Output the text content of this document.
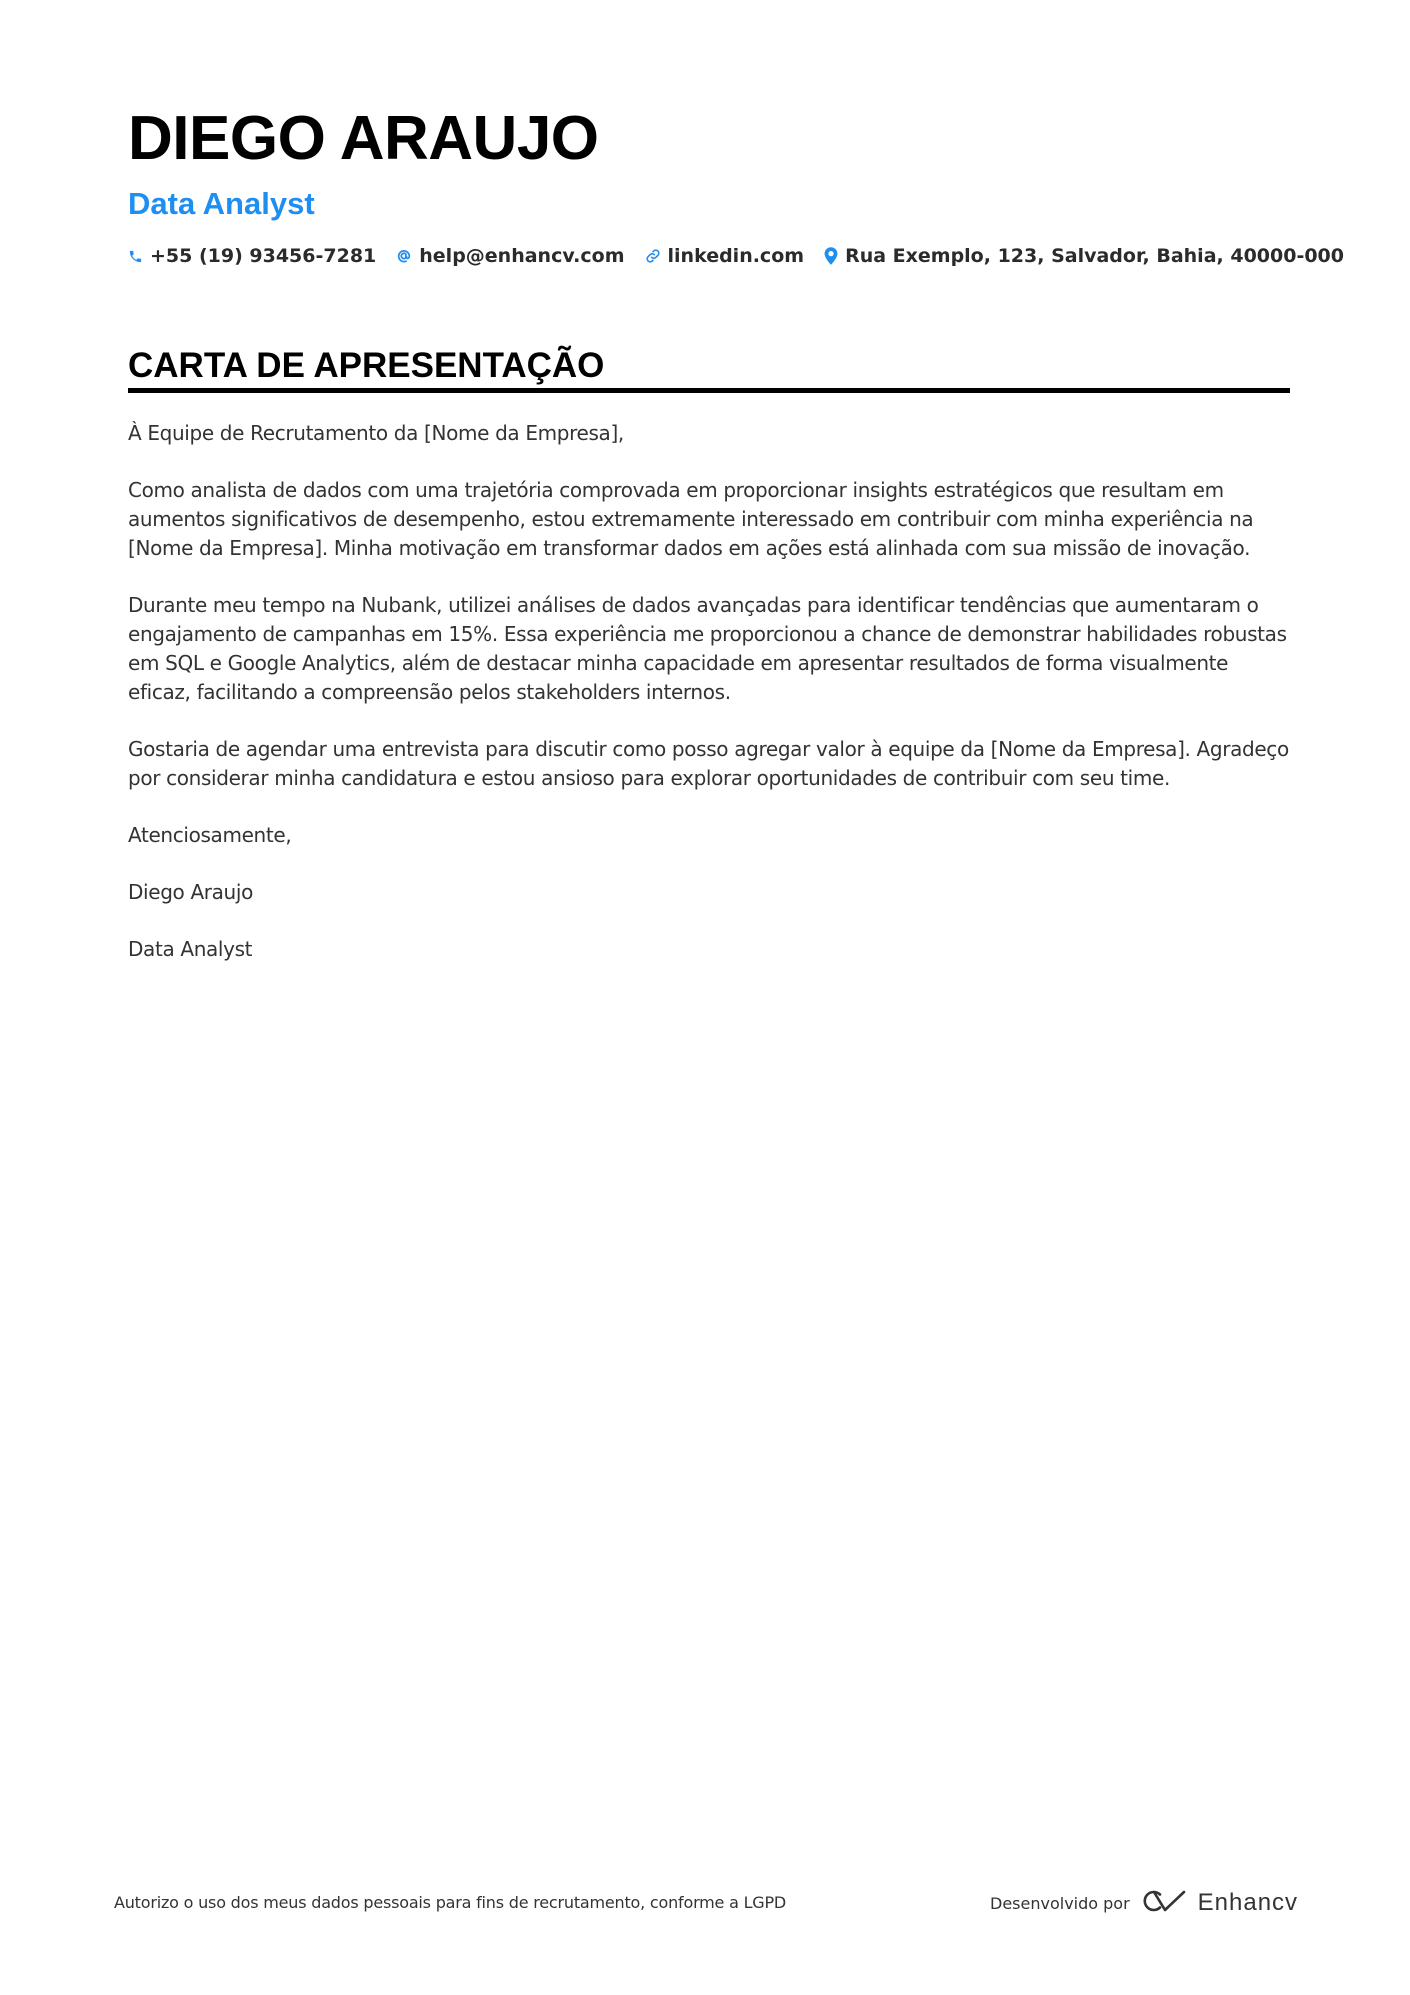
DIEGO ARAUJO
Data Analyst
+55 (19) 93456-7281 help@enhancv.com linkedin.com Rua Exemplo, 123, Salvador, Bahia, 40000-000
CARTA DE APRESENTAÇÃO

À Equipe de Recrutamento da [Nome da Empresa],

Como analista de dados com uma trajetória comprovada em proporcionar insights estratégicos que resultam em aumentos significativos de desempenho, estou extremamente interessado em contribuir com minha experiência na [Nome da Empresa]. Minha motivação em transformar dados em ações está alinhada com sua missão de inovação.

Durante meu tempo na Nubank, utilizei análises de dados avançadas para identificar tendências que aumentaram o engajamento de campanhas em 15%. Essa experiência me proporcionou a chance de demonstrar habilidades robustas em SQL e Google Analytics, além de destacar minha capacidade em apresentar resultados de forma visualmente eficaz, facilitando a compreensão pelos stakeholders internos.

Gostaria de agendar uma entrevista para discutir como posso agregar valor à equipe da [Nome da Empresa]. Agradeço por considerar minha candidatura e estou ansioso para explorar oportunidades de contribuir com seu time.

Atenciosamente,

Diego Araujo

Data Analyst

Autorizo o uso dos meus dados pessoais para fins de recrutamento, conforme a LGPD	Desenvolvido por	Enhancv
